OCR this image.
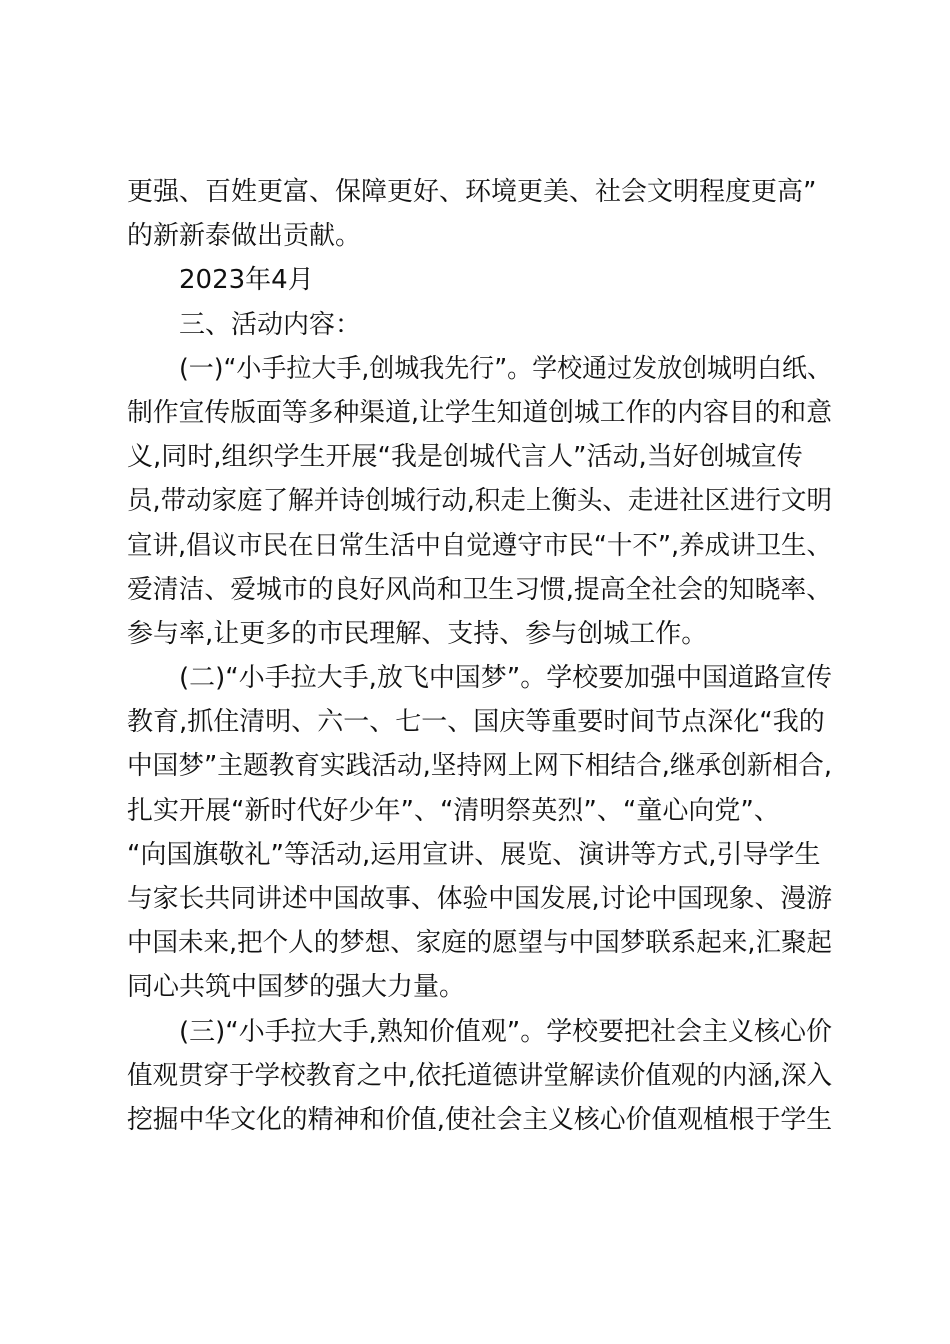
更强、百姓更富、保障更好、环境更美、社会文明程度更高”
的新新泰做出贡献。
2023年4月
三、活动内容：
(一)“小手拉大手,创城我先行”。学校通过发放创城明白纸、
制作宣传版面等多种渠道,让学生知道创城工作的内容目的和意
义,同时,组织学生开展“我是创城代言人”活动,当好创城宣传
员,带动家庭了解并诗创城行动,积走上衡头、走进社区进行文明
宣讲,倡议市民在日常生活中自觉遵守市民“十不”,养成讲卫生、
爱清洁、爱城市的良好风尚和卫生习惯,提高全社会的知晓率、
参与率,让更多的市民理解、支持、参与创城工作。
(二)“小手拉大手,放飞中国梦”。学校要加强中国道路宣传
教育,抓住清明、六一、七一、国庆等重要时间节点深化“我的
中国梦”主题教育实践活动,坚持网上网下相结合,继承创新相合,
扎实开展“新时代好少年”、“清明祭英烈”、“童心向党”、
“向国旗敬礼”等活动,运用宣讲、展览、演讲等方式,引导学生
与家长共同讲述中国故事、体验中国发展,讨论中国现象、漫游
中国未来,把个人的梦想、家庭的愿望与中国梦联系起来,汇聚起
同心共筑中国梦的强大力量。
(三)“小手拉大手,熟知价值观”。学校要把社会主义核心价
值观贯穿于学校教育之中,依托道德讲堂解读价值观的内涵,深入
挖掘中华文化的精神和价值,使社会主义核心价值观植根于学生
